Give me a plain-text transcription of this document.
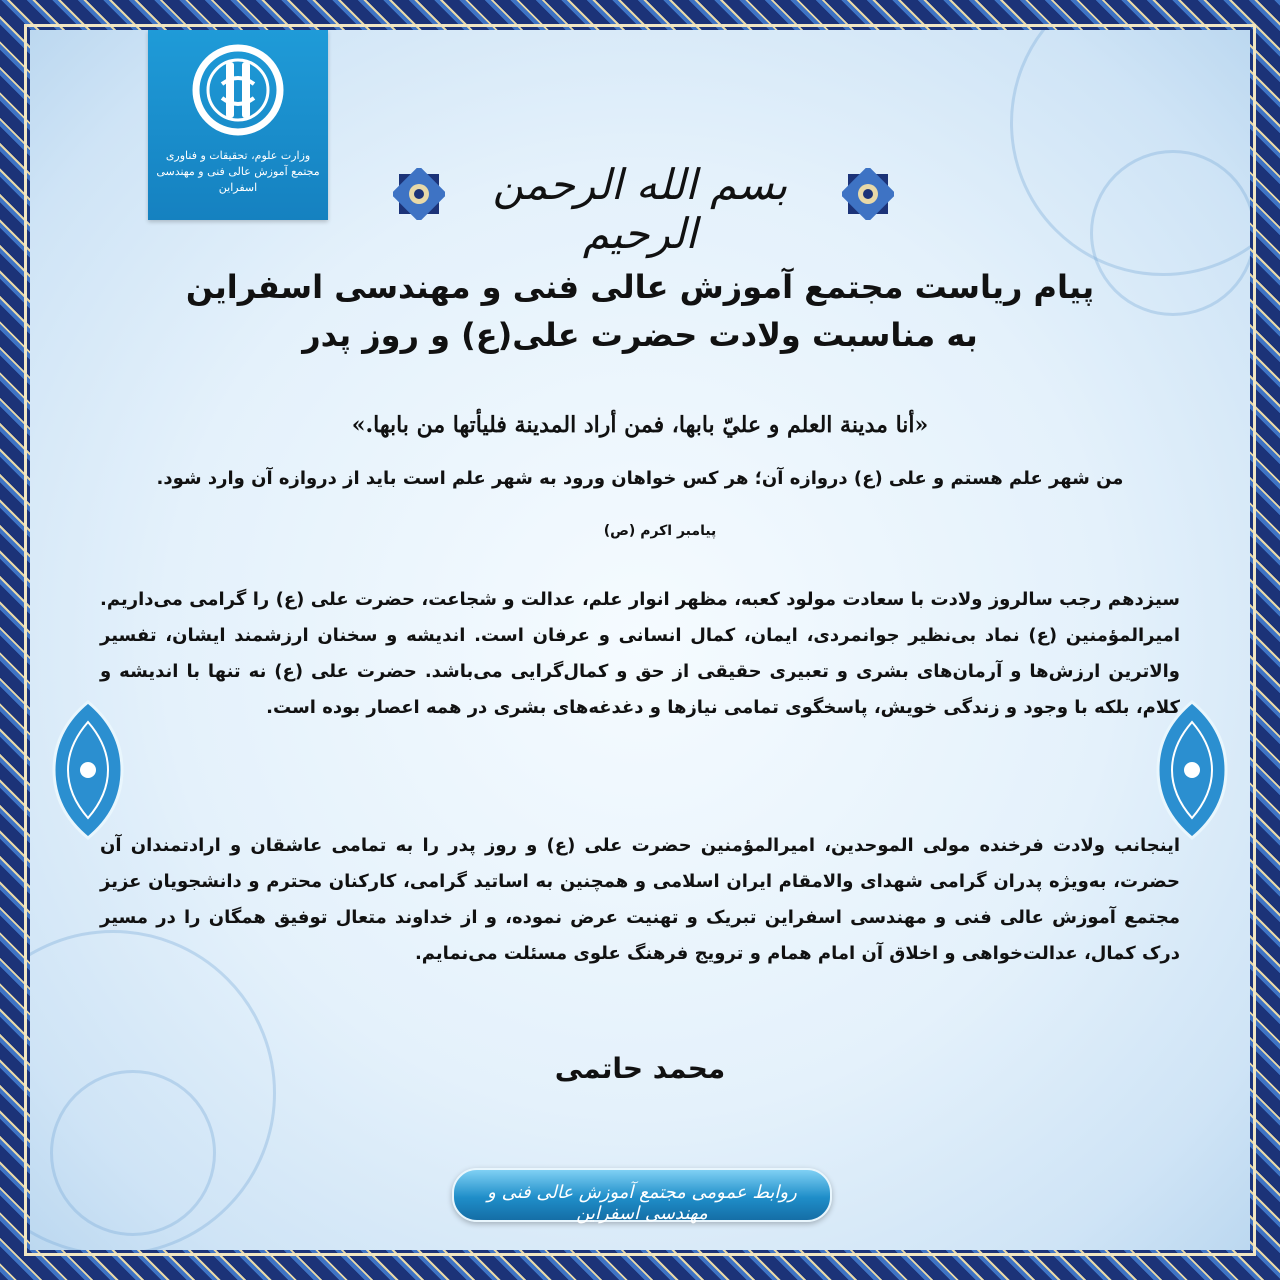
وزارت علوم، تحقیقات و فناوری
مجتمع آموزش عالی فنی و مهندسی اسفراین	بسم الله الرحمن الرحیم
پیام ریاست مجتمع آموزش عالی فنی و مهندسی اسفراین
به مناسبت ولادت حضرت علی(ع) و روز پدر
«أنا مدينة العلم و عليّ بابها، فمن أراد المدينة فليأتها من بابها.»
من شهر علم هستم و علی (ع) دروازه آن؛ هر کس خواهان ورود به شهر علم است باید از دروازه آن وارد شود.
پیامبر اکرم (ص)
سیزدهم رجب سالروز ولادت با سعادت مولود کعبه، مظهر انوار علم، عدالت و شجاعت، حضرت علی (ع) را گرامی می‌داریم. امیرالمؤمنین (ع) نماد بی‌نظیر جوانمردی، ایمان، کمال انسانی و عرفان است. اندیشه و سخنان ارزشمند ایشان، تفسیر والاترین ارزش‌ها و آرمان‌های بشری و تعبیری حقیقی از حق و کمال‌گرایی می‌باشد. حضرت علی (ع) نه تنها با اندیشه و کلام، بلکه با وجود و زندگی خویش، پاسخگوی تمامی نیازها و دغدغه‌های بشری در همه اعصار بوده است.
اینجانب ولادت فرخنده مولی الموحدین، امیرالمؤمنین حضرت علی (ع) و روز پدر را به تمامی عاشقان و ارادتمندان آن حضرت، به‌ویژه پدران گرامی شهدای والامقام ایران اسلامی و همچنین به اساتید گرامی، کارکنان محترم و دانشجویان عزیز مجتمع آموزش عالی فنی و مهندسی اسفراین تبریک و تهنیت عرض نموده، و از خداوند متعال توفیق همگان را در مسیر درک کمال، عدالت‌خواهی و اخلاق آن امام همام و ترویج فرهنگ علوی مسئلت می‌نمایم.
محمد حاتمی
روابط عمومی مجتمع آموزش عالی فنی و مهندسی اسفراین
